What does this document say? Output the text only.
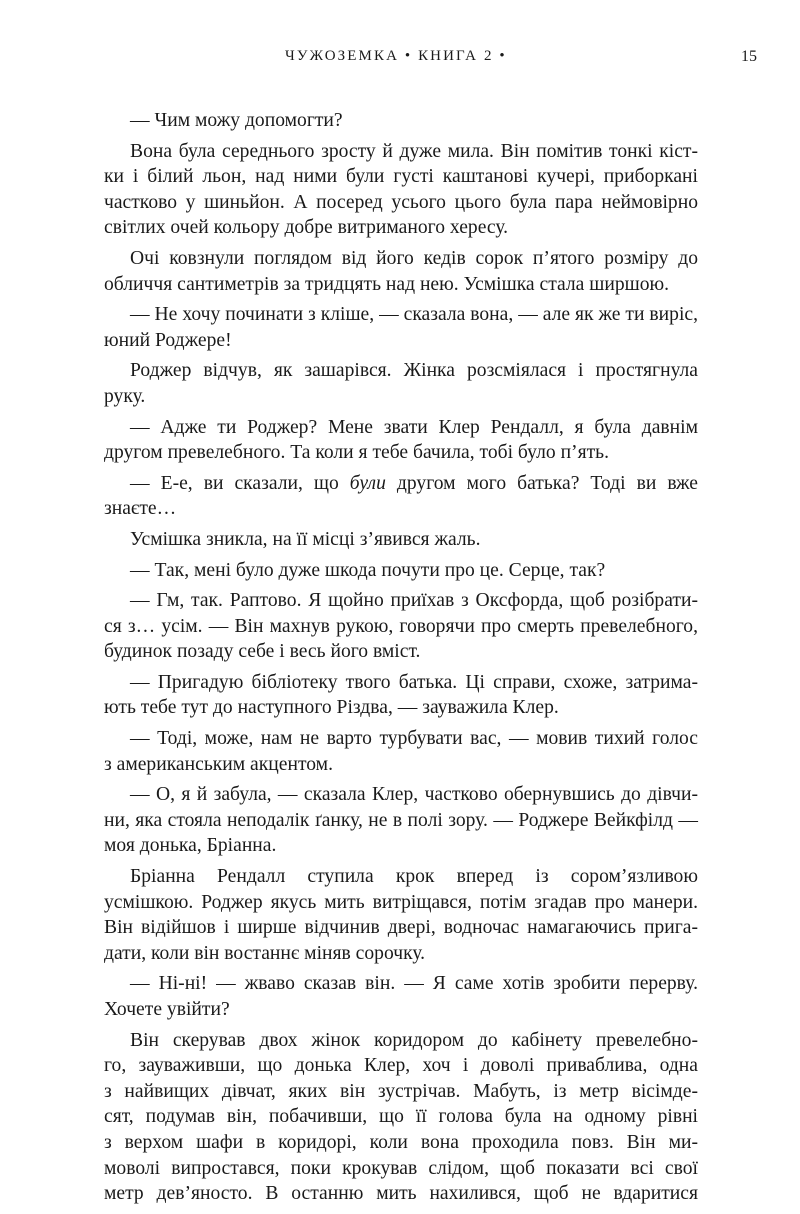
ЧУЖОЗЕМКА • КНИГА 2 •	15
— Чим можу допомогти?
Вона була середнього зросту й дуже мила. Він помітив тонкі кіст-
ки і білий льон, над ними були густі каштанові кучері, приборкані
частково у шиньйон. А посеред усього цього була пара неймовірно
світлих очей кольору добре витриманого хересу.
Очі ковзнули поглядом від його кедів сорок п’ятого розміру до
обличчя сантиметрів за тридцять над нею. Усмішка стала ширшою.
— Не хочу починати з кліше, — сказала вона, — але як же ти виріс,
юний Роджере!
Роджер відчув, як зашарівся. Жінка розсміялася і простягнула
руку.
— Адже ти Роджер? Мене звати Клер Рендалл, я була давнім
другом превелебного. Та коли я тебе бачила, тобі було п’ять.
— Е-е, ви сказали, що були другом мого батька? Тоді ви вже
знаєте…
Усмішка зникла, на її місці з’явився жаль.
— Так, мені було дуже шкода почути про це. Серце, так?
— Гм, так. Раптово. Я щойно приїхав з Оксфорда, щоб розібрати-
ся з… усім. — Він махнув рукою, говорячи про смерть превелебного,
будинок позаду себе і весь його вміст.
— Пригадую бібліотеку твого батька. Ці справи, схоже, затрима-
ють тебе тут до наступного Різдва, — зауважила Клер.
— Тоді, може, нам не варто турбувати вас, — мовив тихий голос
з американським акцентом.
— О, я й забула, — сказала Клер, частково обернувшись до дівчи-
ни, яка стояла неподалік ґанку, не в полі зору. — Роджере Вейкфілд —
моя донька, Бріанна.
Бріанна Рендалл ступила крок вперед із сором’язливою
усмішкою. Роджер якусь мить витріщався, потім згадав про манери.
Він відійшов і ширше відчинив двері, водночас намагаючись прига-
дати, коли він востаннє міняв сорочку.
— Ні-ні! — жваво сказав він. — Я саме хотів зробити перерву.
Хочете увійти?
Він скерував двох жінок коридором до кабінету превелебно-
го, зауваживши, що донька Клер, хоч і доволі приваблива, одна
з найвищих дівчат, яких він зустрічав. Мабуть, із метр вісімде-
сят, подумав він, побачивши, що її голова була на одному рівні
з верхом шафи в коридорі, коли вона проходила повз. Він ми-
моволі випростався, поки крокував слідом, щоб показати всі свої
метр дев’яносто. В останню мить нахилився, щоб не вдаритися
